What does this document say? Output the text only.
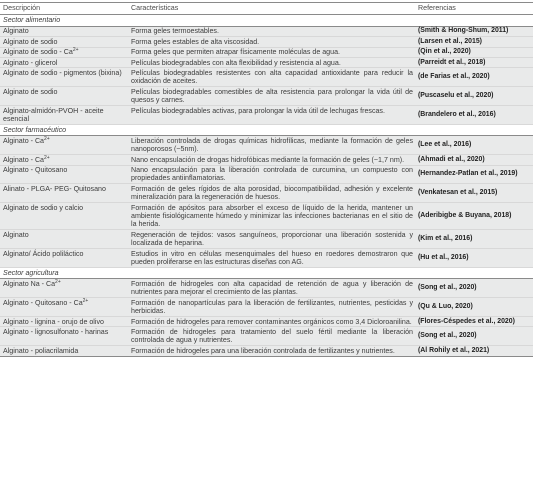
Descripción	Características	Referencias
Sector alimentario		
Alginato	Forma geles termoestables.	(Smith & Hong-Shum, 2011)
Alginato de sodio	Forma geles estables de alta viscosidad.	(Larsen et al., 2015)
Alginato de sodio - $Ca^{2+}$	Forma geles que permiten atrapar físicamente moléculas de agua.	(Qin et al., 2020)
Alginato - glicerol	Películas biodegradables con alta flexibilidad y resistencia al agua.	(Parreidt et al., 2018)
Alginato de sodio - pigmentos (bixina)	Películas biodegradables resistentes con alta capacidad antioxidante para reducir la oxidación de aceites.	(de Farias et al., 2020)
Alginato de sodio	Películas biodegradables comestibles de alta resistencia para prolongar la vida útil de quesos y carnes.	(Puscaselu et al., 2020)
Alginato-almidón-PVOH - aceite esencial	Películas biodegradables activas, para prolongar la vida útil de lechugas frescas.	(Brandelero et al., 2016)
Sector farmacéutico		
Alginato - $Ca^{2+}$	Liberación controlada de drogas químicas hidrofílicas, mediante la formación de geles nanoporosos (~5nm).	(Lee et al., 2016)
Alginato - $Ca^{2+}$	Nano encapsulación de drogas hidrofóbicas mediante la formación de geles (~1,7 nm).	(Ahmadi et al., 2020)
Alginato - Quitosano	Nano encapsulación para la liberación controlada de curcumina, un compuesto con propiedades antiinflamatorias.	(Hernandez-Patlan et al., 2019)
Alinato - PLGA- PEG- Quitosano	Formación de geles rígidos de alta porosidad, biocompatibilidad, adhesión y excelente mineralización para la regeneración de huesos.	(Venkatesan et al., 2015)
Alginato de sodio y calcio	Formación de apósitos para absorber el exceso de líquido de la herida, mantener un ambiente fisiológicamente húmedo y minimizar las infecciones bacterianas en el sitio de la herida.	(Aderibigbe & Buyana, 2018)
Alginato	Regeneración de tejidos: vasos sanguíneos, proporcionar una liberación sostenida y localizada de heparina.	(Kim et al., 2016)
Alginato/ Ácido poliláctico	Estudios in vitro en células mesenquimales del hueso en roedores demostraron que pueden proliferarse en las estructuras diseñas con AG.	(Hu et al., 2016)
Sector agricultura		
Alginato Na - $Ca^{2+}$	Formación de hidrogeles con alta capacidad de retención de agua y liberación de nutrientes para mejorar el crecimiento de las plantas.	(Song et al., 2020)
Alginato - Quitosano - $Ca^{2+}$	Formación de nanopartículas para la liberación de fertilizantes, nutrientes, pesticidas y herbicidas.	(Qu & Luo, 2020)
Alginato - lignina - orujo de olivo	Formación de hidrogeles para remover contaminantes orgánicos como 3,4 Dicloroanilina.	(Flores-Céspedes et al., 2020)
Alginato - lignosulfonato - harinas	Formación de hidrogeles para tratamiento del suelo fértil mediante la liberación controlada de agua y nutrientes.	(Song et al., 2020)
Alginato - poliacrilamida	Formación de hidrogeles para una liberación controlada de fertilizantes y nutrientes.	(Al Rohily et al., 2021)
